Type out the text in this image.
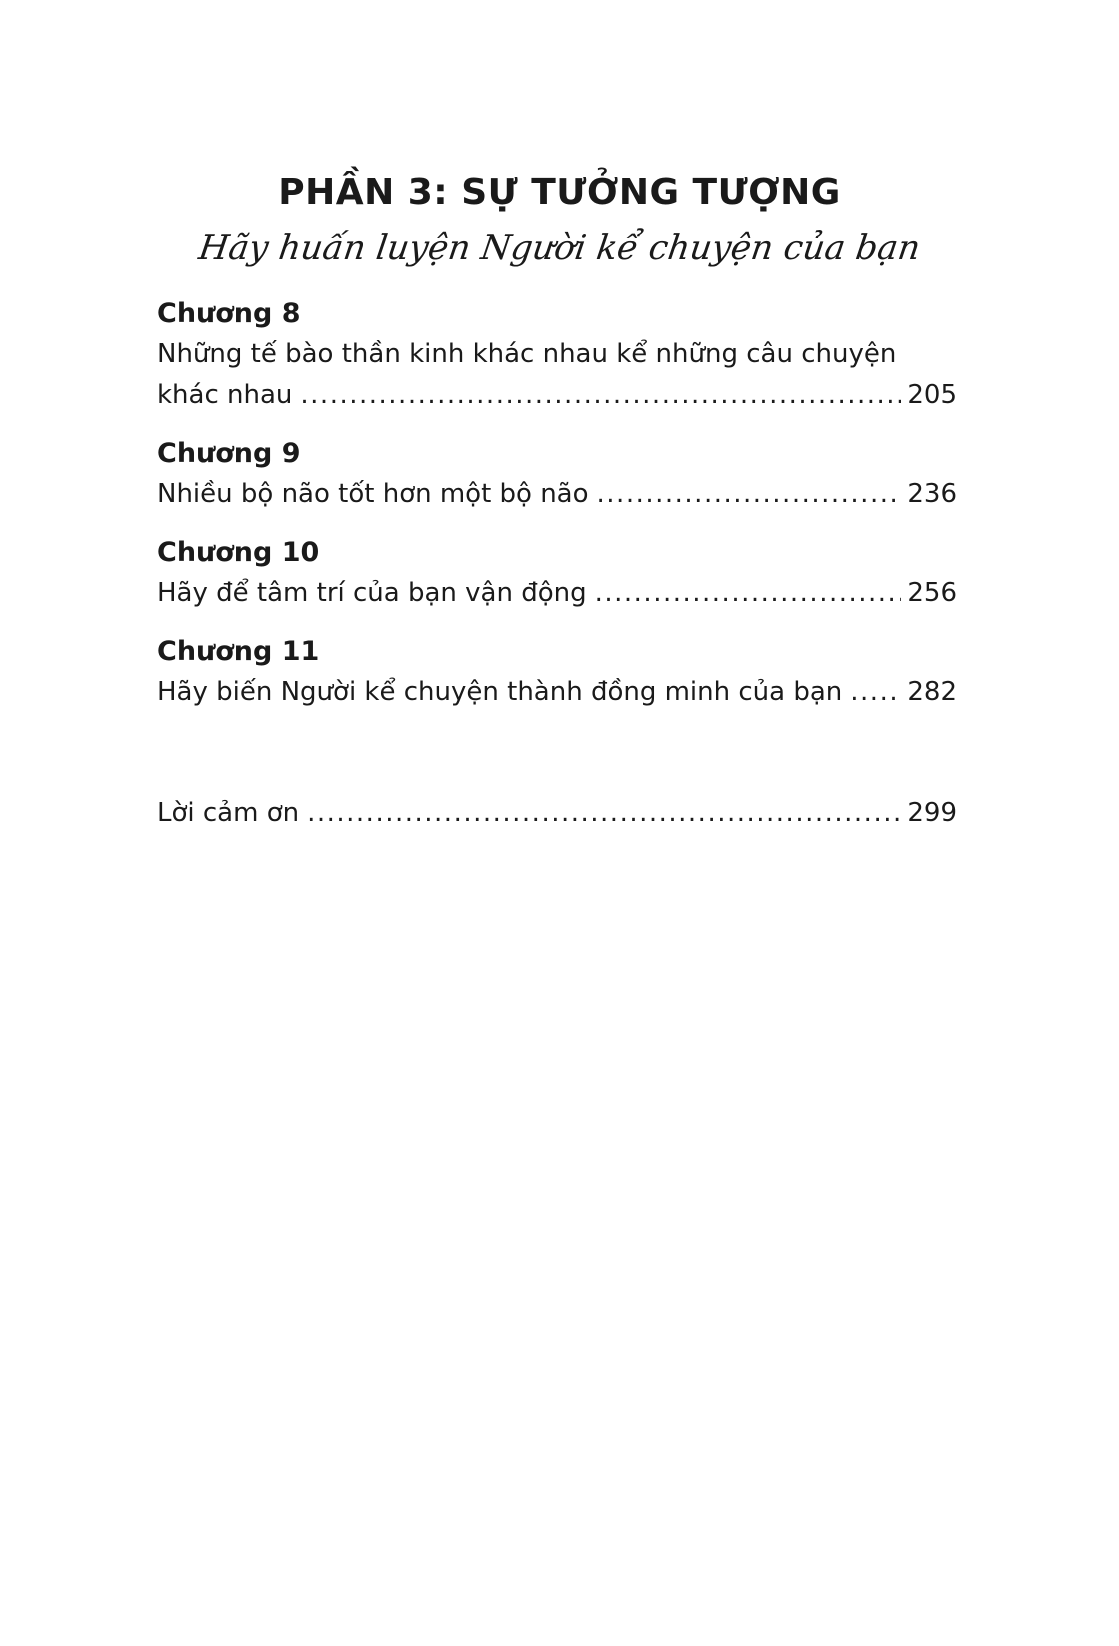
PHẦN 3: SỰ TƯỞNG TƯỢNG
Hãy huấn luyện Người kể chuyện của bạn
Chương 8
Những tế bào thần kinh khác nhau kể những câu chuyện
khác nhau .....	205
Chương 9
Nhiều bộ não tốt hơn một bộ não .....	236
Chương 10
Hãy để tâm trí của bạn vận động .....	256
Chương 11
Hãy biến Người kể chuyện thành đồng minh của bạn .....	282
Lời cảm ơn .....	299
